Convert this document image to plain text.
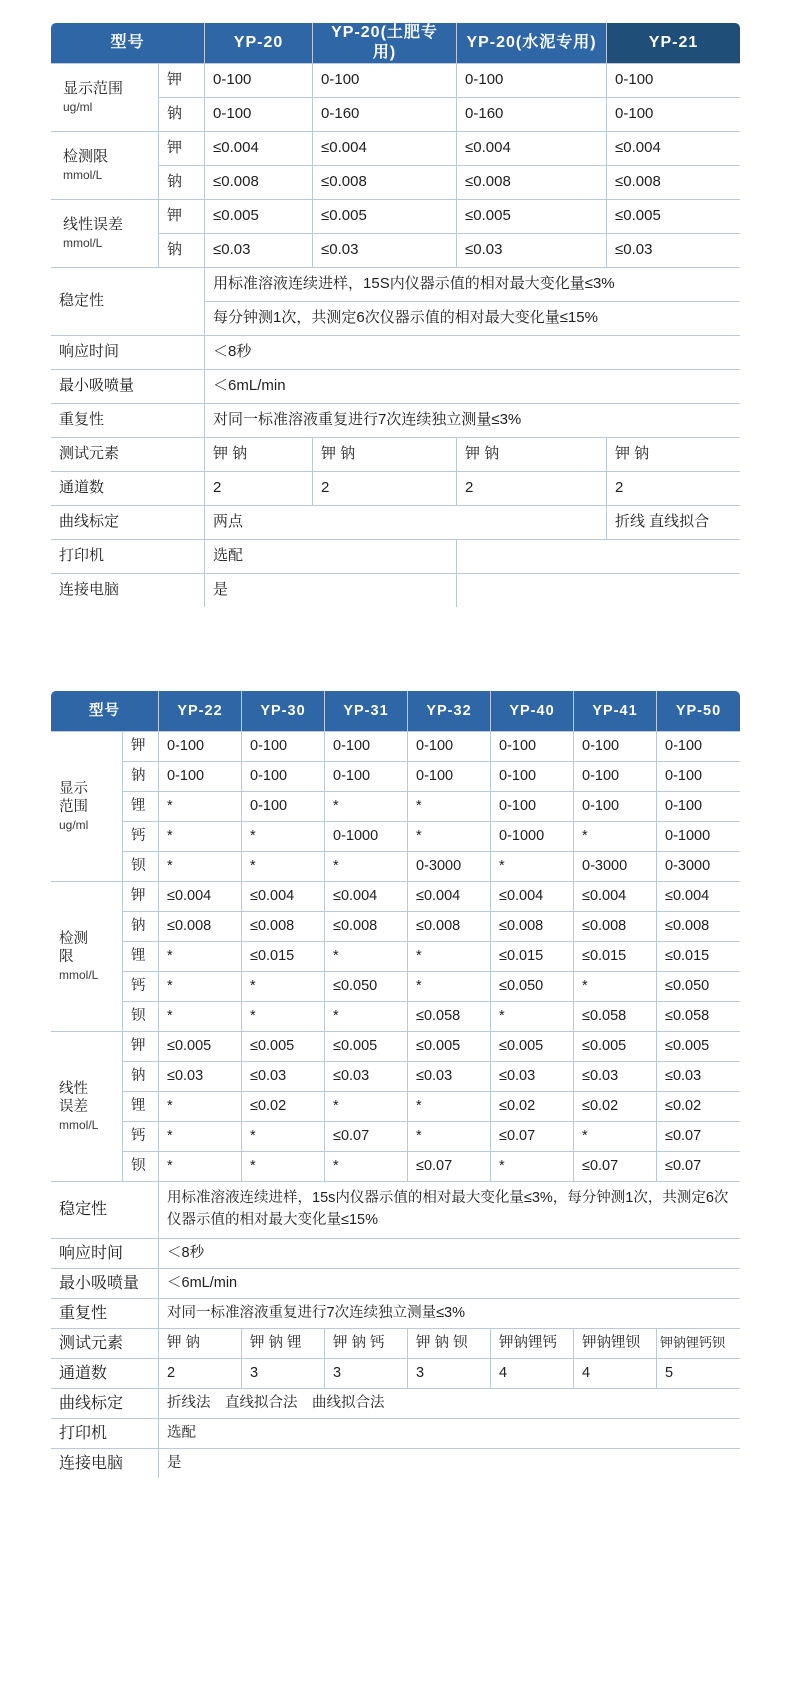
型号		YP-20	YP-20(土肥专用)	YP-20(水泥专用)	YP-21
显示范围
ug/ml	钾	0-100	0-100	0-100	0-100
	钠	0-100	0-160	0-160	0-100
检测限
mmol/L	钾	≤0.004	≤0.004	≤0.004	≤0.004
	钠	≤0.008	≤0.008	≤0.008	≤0.008
线性误差
mmol/L	钾	≤0.005	≤0.005	≤0.005	≤0.005
	钠	≤0.03	≤0.03	≤0.03	≤0.03
稳定性		用标准溶液连续进样，15S内仪器示值的相对最大变化量≤3%			
		每分钟测1次，共测定6次仪器示值的相对最大变化量≤15%			
响应时间		＜8秒			
最小吸喷量		＜6mL/min			
重复性		对同一标准溶液重复进行7次连续独立测量≤3%			
测试元素		钾 钠	钾 钠	钾 钠	钾 钠
通道数		2	2	2	2
曲线标定		两点			折线 直线拟合
打印机		选配			
连接电脑		是			
型号		YP-22	YP-30	YP-31	YP-32	YP-40	YP-41	YP-50
显示
范围
ug/ml	钾	0-100	0-100	0-100	0-100	0-100	0-100	0-100
	钠	0-100	0-100	0-100	0-100	0-100	0-100	0-100
	锂	*	0-100	*	*	0-100	0-100	0-100
	钙	*	*	0-1000	*	0-1000	*	0-1000
	钡	*	*	*	0-3000	*	0-3000	0-3000
检测
限
mmol/L	钾	≤0.004	≤0.004	≤0.004	≤0.004	≤0.004	≤0.004	≤0.004
	钠	≤0.008	≤0.008	≤0.008	≤0.008	≤0.008	≤0.008	≤0.008
	锂	*	≤0.015	*	*	≤0.015	≤0.015	≤0.015
	钙	*	*	≤0.050	*	≤0.050	*	≤0.050
	钡	*	*	*	≤0.058	*	≤0.058	≤0.058
线性
误差
mmol/L	钾	≤0.005	≤0.005	≤0.005	≤0.005	≤0.005	≤0.005	≤0.005
	钠	≤0.03	≤0.03	≤0.03	≤0.03	≤0.03	≤0.03	≤0.03
	锂	*	≤0.02	*	*	≤0.02	≤0.02	≤0.02
	钙	*	*	≤0.07	*	≤0.07	*	≤0.07
	钡	*	*	*	≤0.07	*	≤0.07	≤0.07
稳定性		用标准溶液连续进样，15s内仪器示值的相对最大变化量≤3%，每分钟测1次，共测定6次仪器示值的相对最大变化量≤15%						
响应时间		＜8秒						
最小吸喷量		＜6mL/min						
重复性		对同一标准溶液重复进行7次连续独立测量≤3%						
测试元素		钾 钠	钾 钠 锂	钾 钠 钙	钾 钠 钡	钾钠锂钙	钾钠锂钡	钾钠锂钙钡
通道数		2	3	3	3	4	4	5
曲线标定		折线法　直线拟合法　曲线拟合法						
打印机		选配						
连接电脑		是						
